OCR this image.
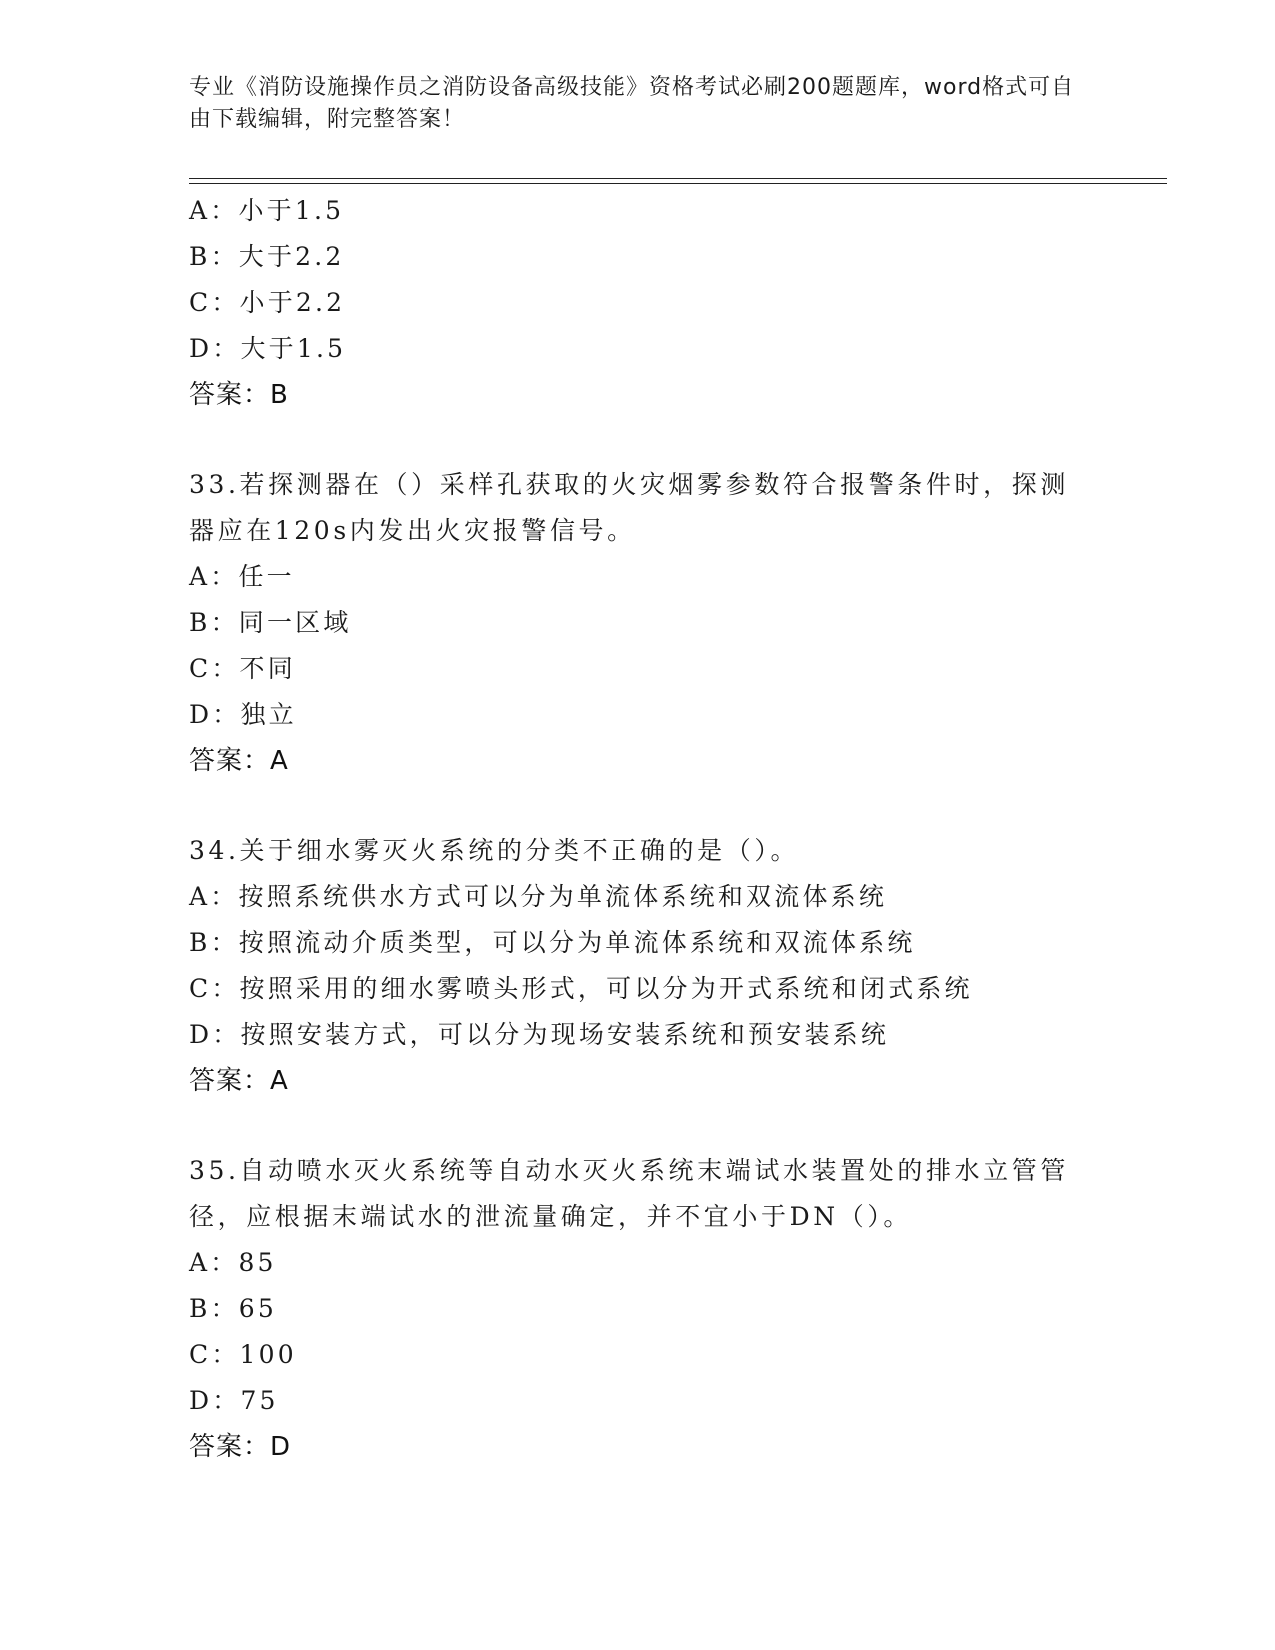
专业《消防设施操作员之消防设备高级技能》资格考试必刷200题题库，word格式可自由下载编辑，附完整答案！
A：小于1.5
B：大于2.2
C：小于2.2
D：大于1.5
答案：B
33.若探测器在（）采样孔获取的火灾烟雾参数符合报警条件时，探测器应在120s内发出火灾报警信号。
A：任一
B：同一区域
C：不同
D：独立
答案：A
34.关于细水雾灭火系统的分类不正确的是（）。
A：按照系统供水方式可以分为单流体系统和双流体系统
B：按照流动介质类型，可以分为单流体系统和双流体系统
C：按照采用的细水雾喷头形式，可以分为开式系统和闭式系统
D：按照安装方式，可以分为现场安装系统和预安装系统
答案：A
35.自动喷水灭火系统等自动水灭火系统末端试水装置处的排水立管管径，应根据末端试水的泄流量确定，并不宜小于DN（）。
A：85
B：65
C：100
D：75
答案：D
